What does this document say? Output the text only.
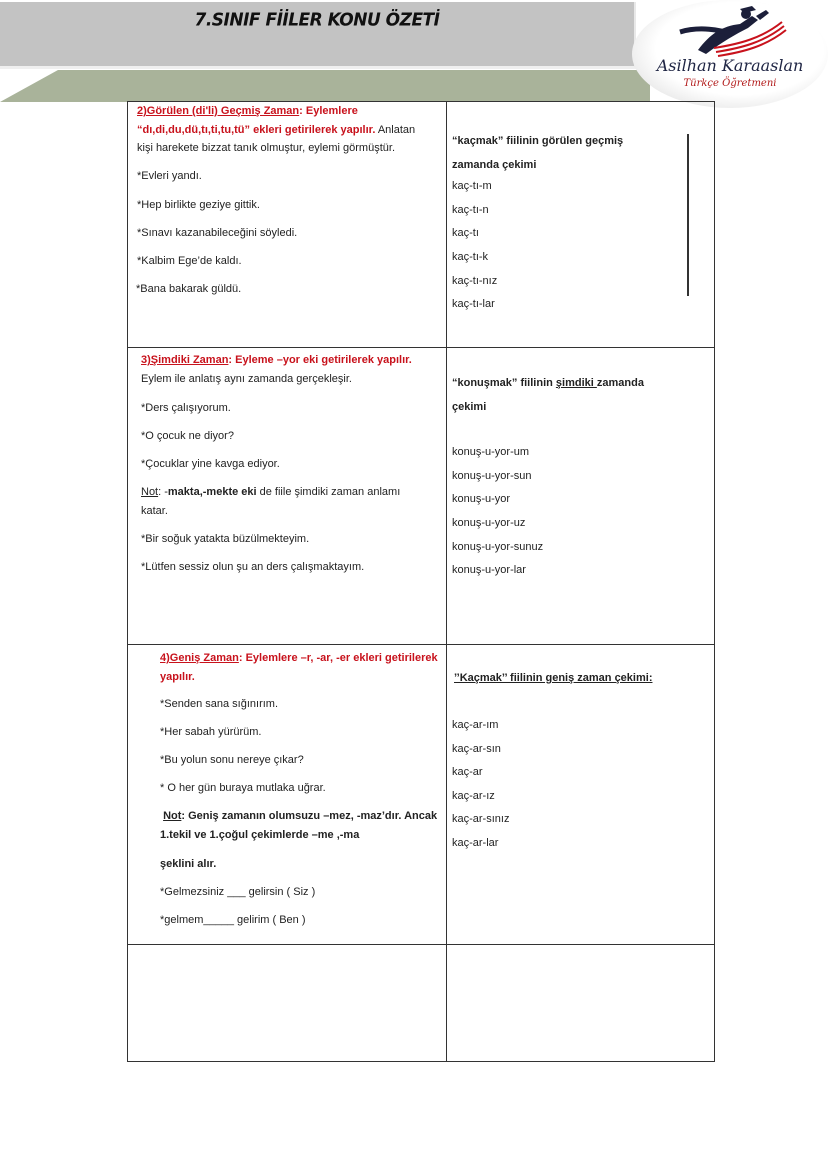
7.SINIF FİİLER KONU ÖZETİ
Asilhan Karaaslan
Türkçe Öğretmeni
2)Görülen (di'li) Geçmiş Zaman: Eylemlere
“dı,di,du,dü,tı,ti,tu,tü” ekleri getirilerek yapılır. Anlatan
kişi harekete bizzat tanık olmuştur, eylemi görmüştür.
*Evleri yandı.
*Hep birlikte geziye gittik.
*Sınavı kazanabileceğini söyledi.
*Kalbim Ege’de kaldı.
*Bana bakarak güldü.
“kaçmak” fiilinin görülen geçmiş
zamanda çekimi
kaç-tı-m
kaç-tı-n
kaç-tı
kaç-tı-k
kaç-tı-nız
kaç-tı-lar
3)Şimdiki Zaman: Eyleme –yor eki getirilerek yapılır.
Eylem ile anlatış aynı zamanda gerçekleşir.
*Ders çalışıyorum.
*O çocuk ne diyor?
*Çocuklar yine kavga ediyor.
Not: -makta,-mekte eki de fiile şimdiki zaman anlamı
katar.
*Bir soğuk yatakta büzülmekteyim.
*Lütfen sessiz olun şu an ders çalışmaktayım.
“konuşmak” fiilinin şimdiki zamanda
çekimi
konuş-u-yor-um
konuş-u-yor-sun
konuş-u-yor
konuş-u-yor-uz
konuş-u-yor-sunuz
konuş-u-yor-lar
4)Geniş Zaman: Eylemlere –r, -ar, -er ekleri getirilerek
yapılır.
*Senden sana sığınırım.
*Her sabah yürürüm.
*Bu yolun sonu nereye çıkar?
* O her gün buraya mutlaka uğrar.
Not: Geniş zamanın olumsuzu –mez, -maz’dır. Ancak
1.tekil ve 1.çoğul çekimlerde –me ,-ma
şeklini alır.
*Gelmezsiniz ___ gelirsin ( Siz )
*gelmem_____ gelirim ( Ben )
’’Kaçmak’’ fiilinin geniş zaman çekimi:
kaç-ar-ım
kaç-ar-sın
kaç-ar
kaç-ar-ız
kaç-ar-sınız
kaç-ar-lar
